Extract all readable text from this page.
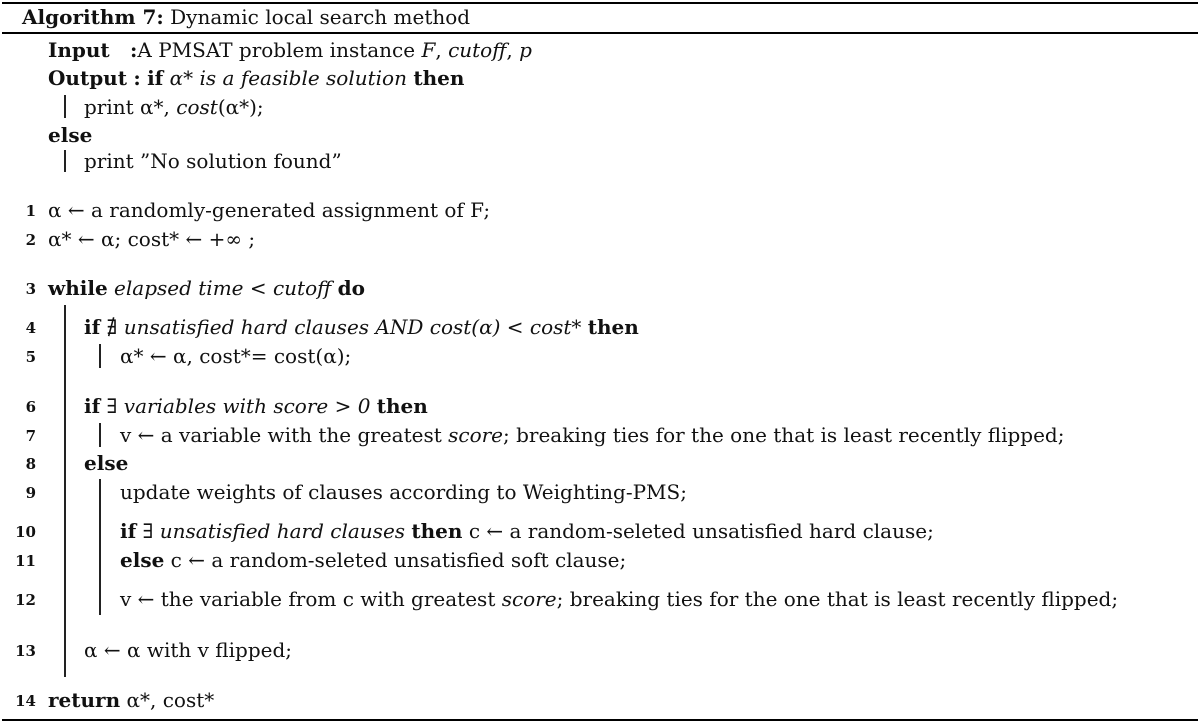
Algorithm 7: Dynamic local search method
Input :A PMSAT problem instance F, cutoff, p
Output : if α* is a feasible solution then
print α*, cost(α*);
else
print ”No solution found”
1 α ← a randomly-generated assignment of F;
2 α* ← α; cost* ← +∞ ;
3 while elapsed time < cutoff do
4 if ∄ unsatisfied hard clauses AND cost(α) < cost* then
5	α* ← α, cost*= cost(α);
6 if ∃ variables with score > 0 then
7	v ← a variable with the greatest score; breaking ties for the one that is least recently flipped;
8 else
9	update weights of clauses according to Weighting-PMS;
10	if ∃ unsatisfied hard clauses then c ← a random-seleted unsatisfied hard clause;
11	else c ← a random-seleted unsatisfied soft clause;
12	v ← the variable from c with greatest score; breaking ties for the one that is least recently flipped;
13 α ← α with v flipped;
14 return α*, cost*
